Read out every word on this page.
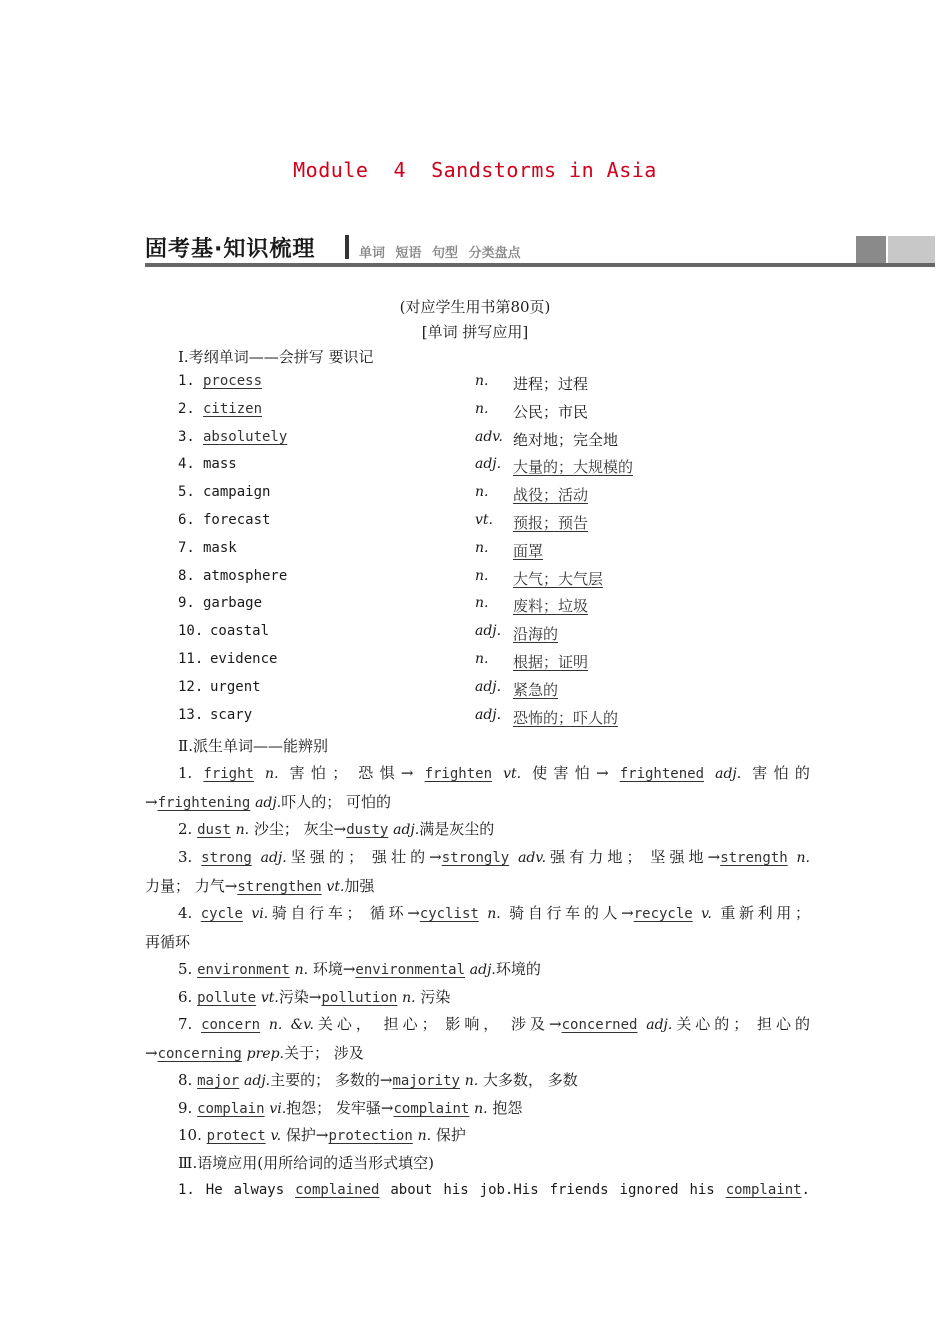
Module  4  Sandstorms in Asia
固考基·知识梳理	单词 短语 句型 分类盘点
(对应学生用书第80页)
[单词 拼写应用]
Ⅰ.考纲单词——会拼写 要识记
1. process	n. 进程；过程
2. citizen	n. 公民；市民
3. absolutely	adv. 绝对地；完全地
4. mass	adj. 大量的；大规模的
5. campaign	n. 战役；活动
6. forecast	vt. 预报；预告
7. mask	n. 面罩
8. atmosphere	n. 大气；大气层
9. garbage	n. 废料；垃圾
10. coastal	adj. 沿海的
11. evidence	n. 根据；证明
12. urgent	adj. 紧急的
13. scary	adj. 恐怖的；吓人的
Ⅱ.派生单词——能辨别
1. fright n. 害怕； 恐惧→ frighten vt. 使害怕→ frightened adj. 害怕的
→frightening adj.吓人的； 可怕的
2. dust n. 沙尘； 灰尘→dusty adj.满是灰尘的
3. strong adj.坚强的； 强壮的→strongly adv.强有力地； 坚强地→strength n.
力量； 力气→strengthen vt.加强
4. cycle vi.骑自行车； 循环→cyclist n. 骑自行车的人→recycle v. 重新利用；
再循环
5. environment n. 环境→environmental adj.环境的
6. pollute vt.污染→pollution n. 污染
7. concern n. &v.关心， 担心； 影响， 涉及→concerned adj.关心的； 担心的
→concerning prep.关于； 涉及
8. major adj.主要的； 多数的→majority n. 大多数， 多数
9. complain vi.抱怨； 发牢骚→complaint n. 抱怨
10. protect v. 保护→protection n. 保护
Ⅲ.语境应用(用所给词的适当形式填空)
1. He always complained about his job.His friends ignored his complaint.
